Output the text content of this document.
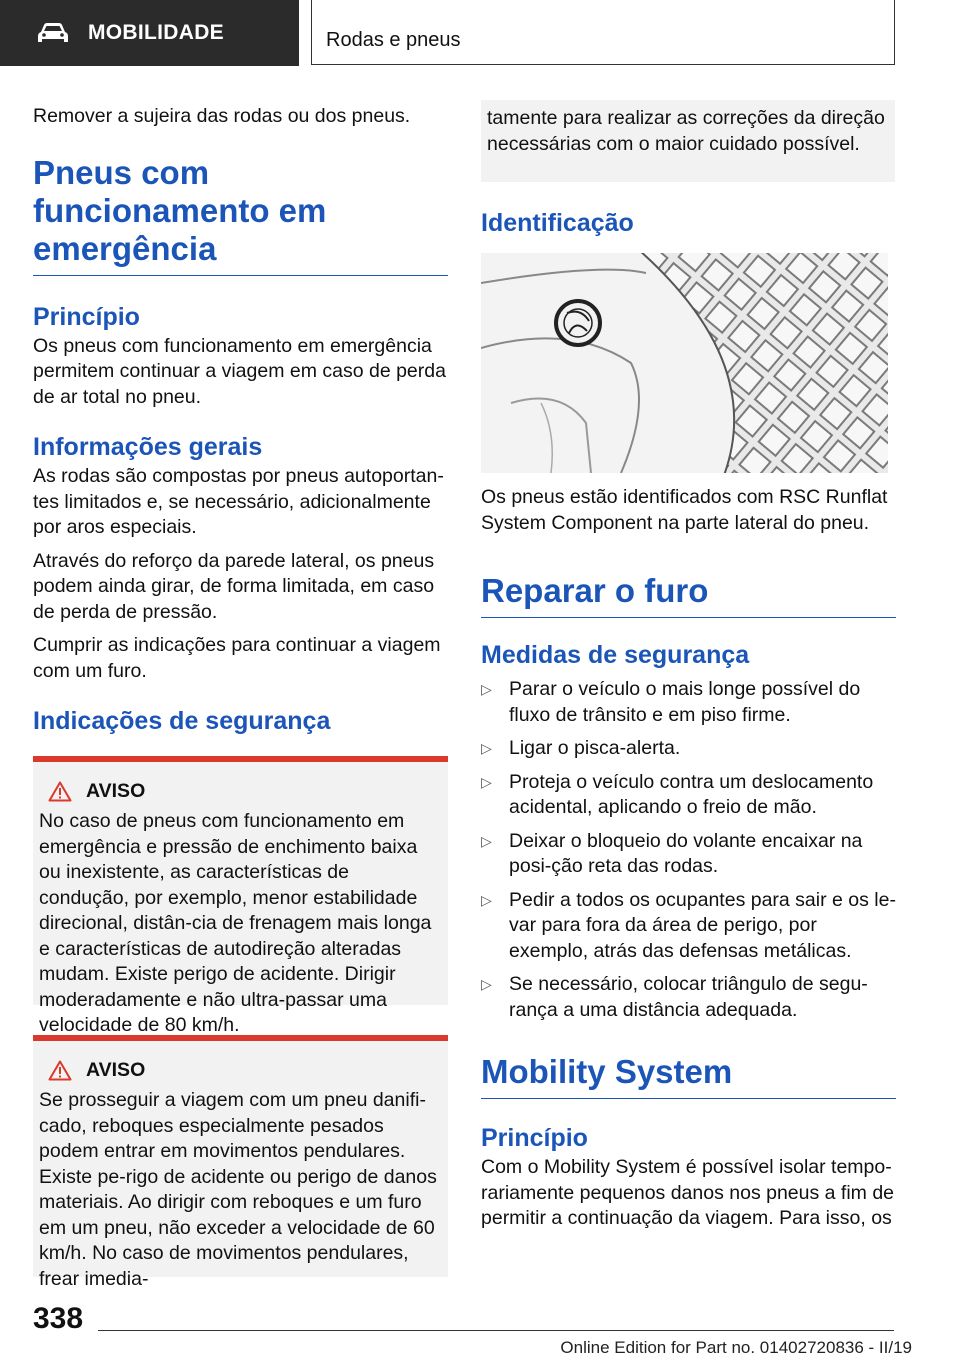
MOBILIDADE	Rodas e pneus

Remover a sujeira das rodas ou dos pneus.

Pneus com funcionamento em emergência
Princípio

Os pneus com funcionamento em emergência permitem continuar a viagem em caso de perda de ar total no pneu.

Informações gerais

As rodas são compostas por pneus autoportan-tes limitados e, se necessário, adicionalmente por aros especiais.

Através do reforço da parede lateral, os pneus podem ainda girar, de forma limitada, em caso de perda de pressão.

Cumprir as indicações para continuar a viagem com um furo.

Indicações de segurança
AVISO

No caso de pneus com funcionamento em emergência e pressão de enchimento baixa ou inexistente, as características de condução, por exemplo, menor estabilidade direcional, distân-cia de frenagem mais longa e características de autodireção alteradas mudam. Existe perigo de acidente. Dirigir moderadamente e não ultra-passar uma velocidade de 80 km/h.

AVISO

Se prosseguir a viagem com um pneu danifi-cado, reboques especialmente pesados podem entrar em movimentos pendulares. Existe pe-rigo de acidente ou perigo de danos materiais. Ao dirigir com reboques e um furo em um pneu, não exceder a velocidade de 60 km/h. No caso de movimentos pendulares, frear imedia-

tamente para realizar as correções da direção necessárias com o maior cuidado possível.

Identificação

Os pneus estão identificados com RSC Runflat System Component na parte lateral do pneu.

Reparar o furo
Medidas de segurança
▷ Parar o veículo o mais longe possível do fluxo de trânsito e em piso firme.
▷ Ligar o pisca-alerta.
▷ Proteja o veículo contra um deslocamento acidental, aplicando o freio de mão.
▷ Deixar o bloqueio do volante encaixar na posi-ção reta das rodas.
▷ Pedir a todos os ocupantes para sair e os le-var para fora da área de perigo, por exemplo, atrás das defensas metálicas.
▷ Se necessário, colocar triângulo de segu-rança a uma distância adequada.
Mobility System
Princípio

Com o Mobility System é possível isolar tempo-rariamente pequenos danos nos pneus a fim de permitir a continuação da viagem. Para isso, os

338
Online Edition for Part no. 01402720836 - II/19
